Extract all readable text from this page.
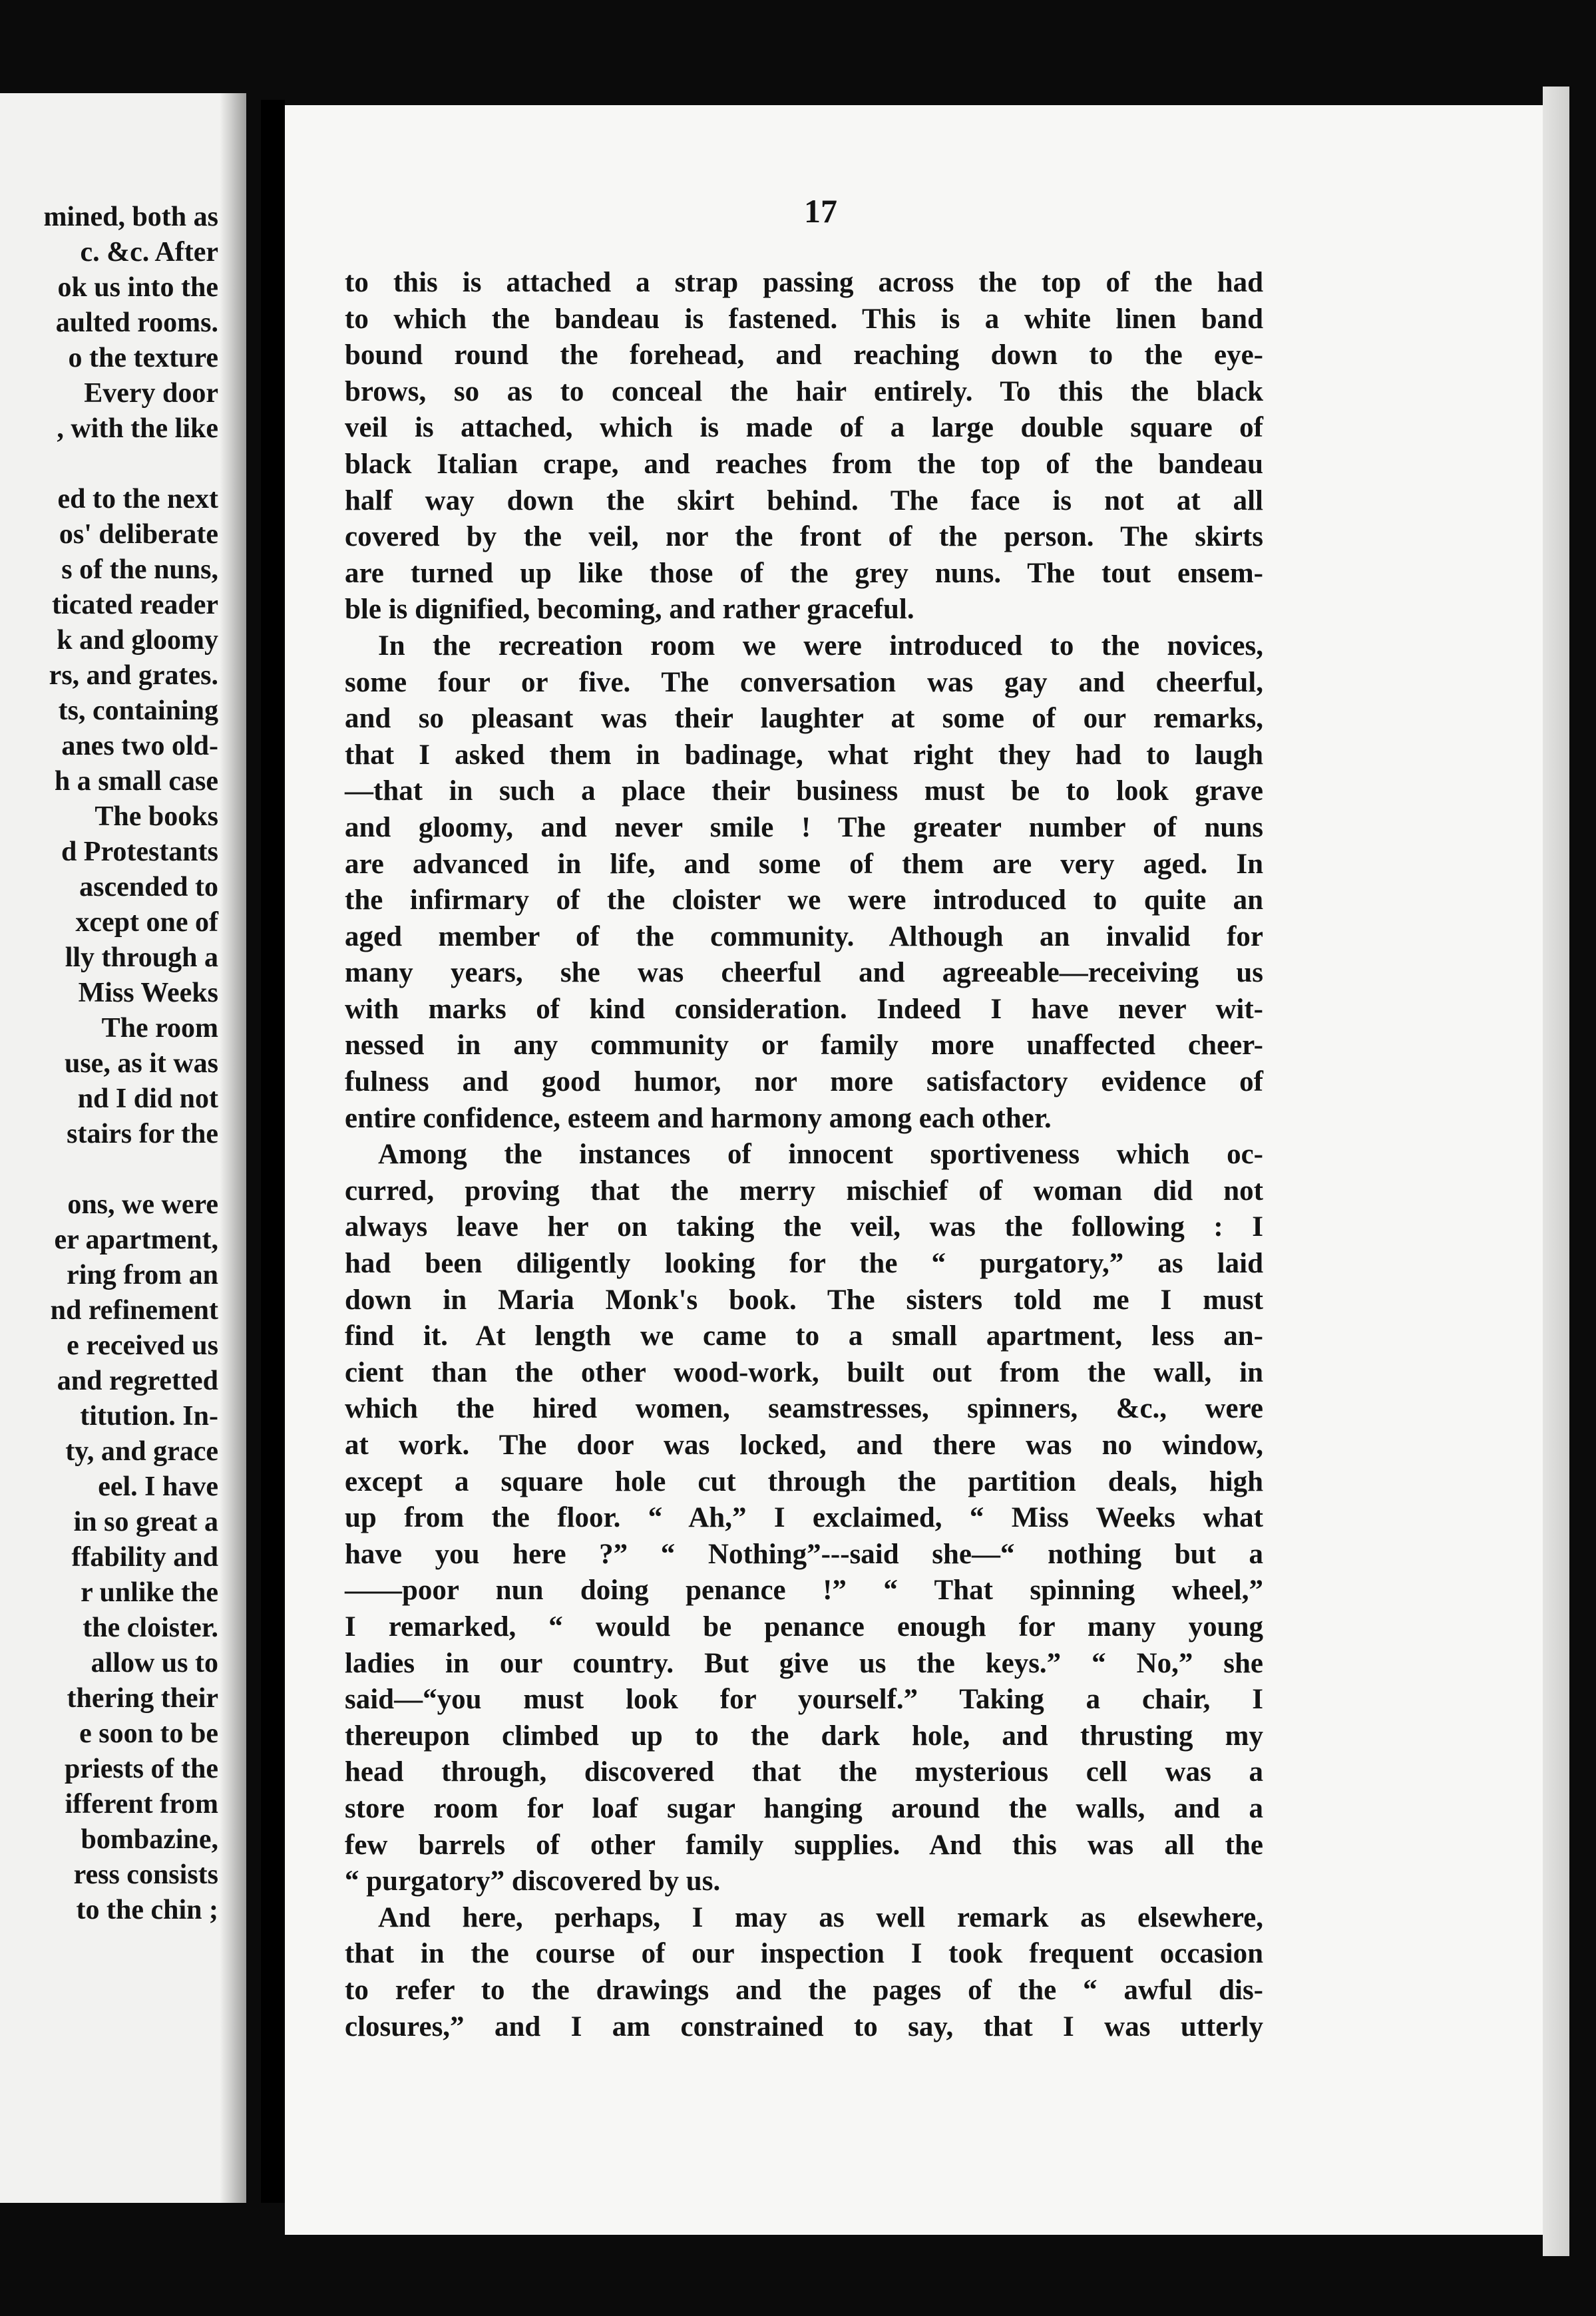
mined, both as
c. &c. After
ok us into the
aulted rooms.
o the texture
Every door
, with the like
ed to the next
os' deliberate
s of the nuns,
ticated reader
k and gloomy
rs, and grates.
ts, containing
anes two old-
h a small case
The books
d Protestants
ascended to
xcept one of
lly through a
Miss Weeks
The room
use, as it was
nd I did not
stairs for the
ons, we were
er apartment,
ring from an
nd refinement
e received us
and regretted
titution. In-
ty, and grace
eel. I have
in so great a
ffability and
r unlike the
the cloister.
allow us to
thering their
e soon to be
priests of the
ifferent from
bombazine,
ress consists
to the chin ;
17
to this is attached a strap passing across the top of the had
to which the bandeau is fastened. This is a white linen band
bound round the forehead, and reaching down to the eye-
brows, so as to conceal the hair entirely. To this the black
veil is attached, which is made of a large double square of
black Italian crape, and reaches from the top of the bandeau
half way down the skirt behind. The face is not at all
covered by the veil, nor the front of the person. The skirts
are turned up like those of the grey nuns. The tout ensem-
ble is dignified, becoming, and rather graceful.
In the recreation room we were introduced to the novices,
some four or five. The conversation was gay and cheerful,
and so pleasant was their laughter at some of our remarks,
that I asked them in badinage, what right they had to laugh
—that in such a place their business must be to look grave
and gloomy, and never smile ! The greater number of nuns
are advanced in life, and some of them are very aged. In
the infirmary of the cloister we were introduced to quite an
aged member of the community. Although an invalid for
many years, she was cheerful and agreeable—receiving us
with marks of kind consideration. Indeed I have never wit-
nessed in any community or family more unaffected cheer-
fulness and good humor, nor more satisfactory evidence of
entire confidence, esteem and harmony among each other.
Among the instances of innocent sportiveness which oc-
curred, proving that the merry mischief of woman did not
always leave her on taking the veil, was the following : I
had been diligently looking for the “ purgatory,” as laid
down in Maria Monk's book. The sisters told me I must
find it. At length we came to a small apartment, less an-
cient than the other wood-work, built out from the wall, in
which the hired women, seamstresses, spinners, &c., were
at work. The door was locked, and there was no window,
except a square hole cut through the partition deals, high
up from the floor. “ Ah,” I exclaimed, “ Miss Weeks what
have you here ?” “ Nothing”---said she—“ nothing but a
——poor nun doing penance !” “ That spinning wheel,”
I remarked, “ would be penance enough for many young
ladies in our country. But give us the keys.” “ No,” she
said—“you must look for yourself.” Taking a chair, I
thereupon climbed up to the dark hole, and thrusting my
head through, discovered that the mysterious cell was a
store room for loaf sugar hanging around the walls, and a
few barrels of other family supplies. And this was all the
“ purgatory” discovered by us.
And here, perhaps, I may as well remark as elsewhere,
that in the course of our inspection I took frequent occasion
to refer to the drawings and the pages of the “ awful dis-
closures,” and I am constrained to say, that I was utterly
